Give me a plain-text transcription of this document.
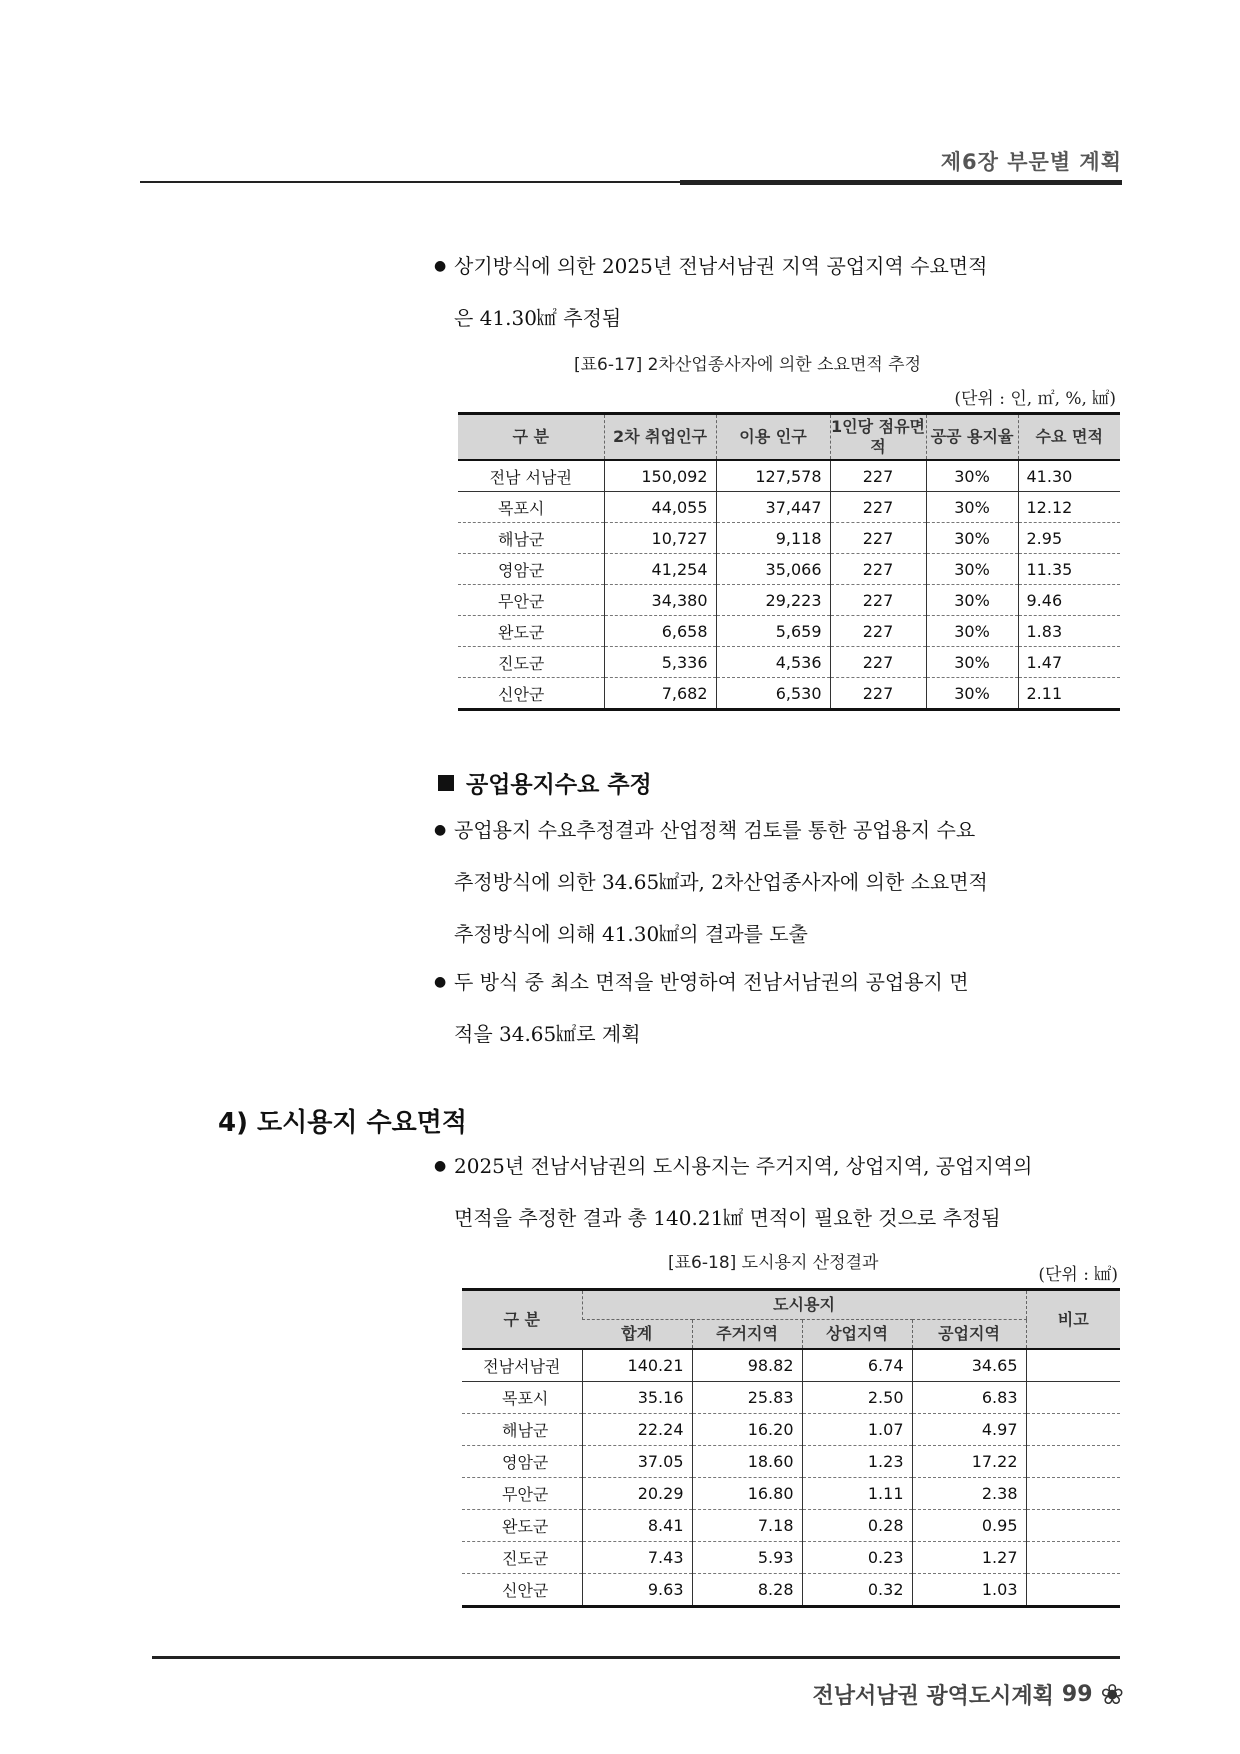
제6장 부문별 계획
● 상기방식에 의한 2025년 전남서남권 지역 공업지역 수요면적
은 41.30㎢ 추정됨
[표6-17] 2차산업종사자에 의한 소요면적 추정
(단위 : 인, ㎡, %, ㎢)
구 분	2차 취업인구	이용 인구	1인당 점유면적	공공 용지율	수요 면적
전남 서남권	150,092	127,578	227	30%	41.30
목포시	44,055	37,447	227	30%	12.12
해남군	10,727	9,118	227	30%	2.95
영암군	41,254	35,066	227	30%	11.35
무안군	34,380	29,223	227	30%	9.46
완도군	6,658	5,659	227	30%	1.83
진도군	5,336	4,536	227	30%	1.47
신안군	7,682	6,530	227	30%	2.11
공업용지수요 추정
● 공업용지 수요추정결과 산업정책 검토를 통한 공업용지 수요
추정방식에 의한 34.65㎢과, 2차산업종사자에 의한 소요면적
추정방식에 의해 41.30㎢의 결과를 도출
● 두 방식 중 최소 면적을 반영하여 전남서남권의 공업용지 면
적을 34.65㎢로 계획
4) 도시용지 수요면적
● 2025년 전남서남권의 도시용지는 주거지역, 상업지역, 공업지역의
면적을 추정한 결과 총 140.21㎢ 면적이 필요한 것으로 추정됨
[표6-18] 도시용지 산정결과
(단위 : ㎢)
구 분	도시용지				비고
	합계	주거지역	상업지역	공업지역	
전남서남권	140.21	98.82	6.74	34.65	
목포시	35.16	25.83	2.50	6.83	
해남군	22.24	16.20	1.07	4.97	
영암군	37.05	18.60	1.23	17.22	
무안군	20.29	16.80	1.11	2.38	
완도군	8.41	7.18	0.28	0.95	
진도군	7.43	5.93	0.23	1.27	
신안군	9.63	8.28	0.32	1.03	
전남서남권 광역도시계획 99 ❀
